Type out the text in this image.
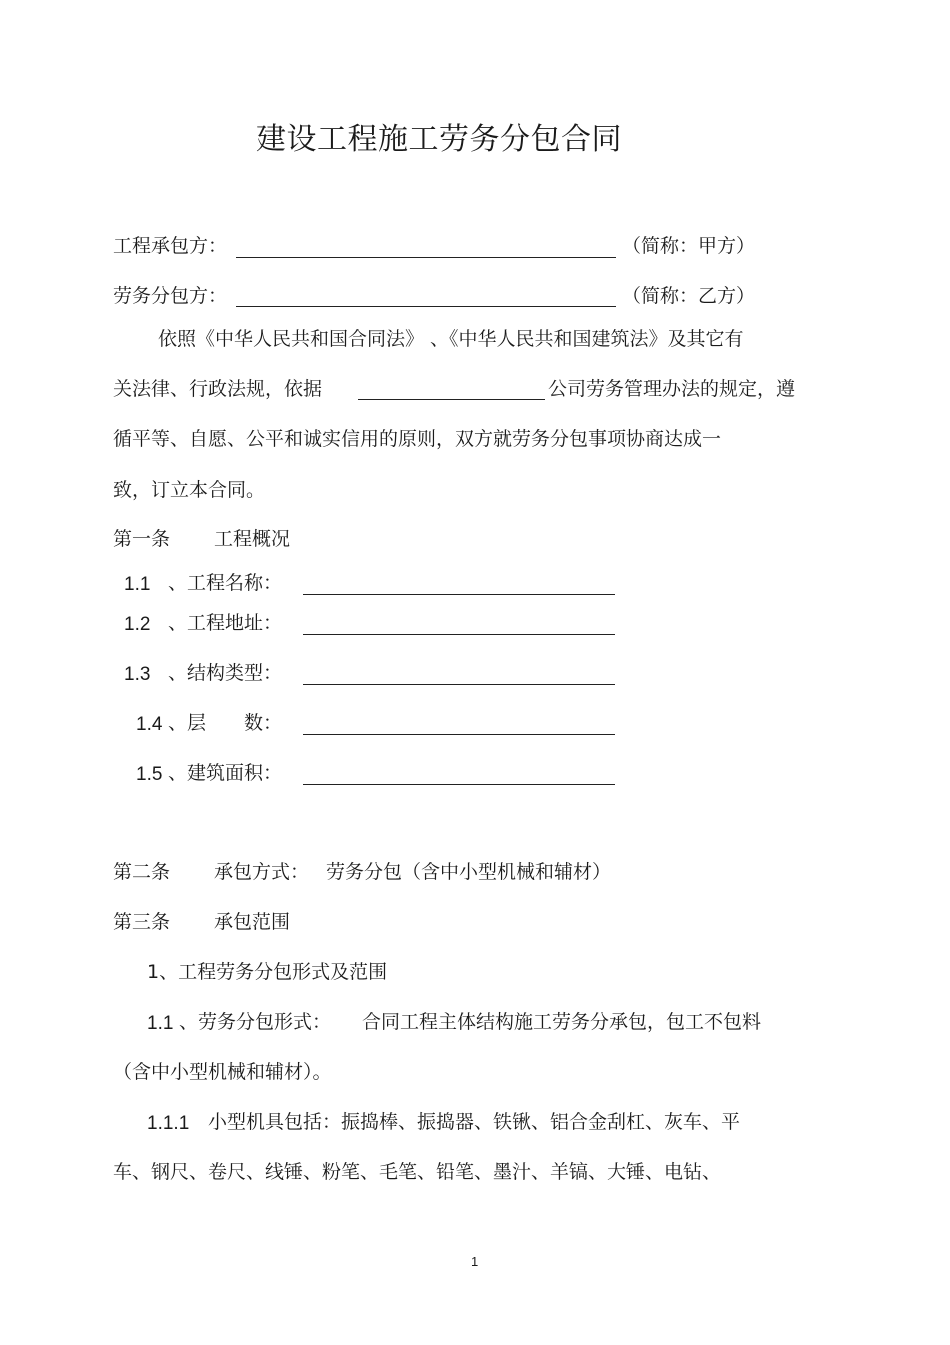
建设工程施工劳务分包合同
工程承包方：	（简称：甲方）
劳务分包方：	（简称：乙方）
依照《中华人民共和国合同法》 、《中华人民共和国建筑法》及其它有
关法律、行政法规，依据	公司劳务管理办法的规定，遵
循平等、自愿、公平和诚实信用的原则，双方就劳务分包事项协商达成一
致，订立本合同。
第一条 工程概况
1.1 、工程名称：
1.2 、工程地址：
1.3 、结构类型：
1.4 、层　　数：
1.5 、建筑面积：
第二条 承包方式： 劳务分包（含中小型机械和辅材）
第三条 承包范围
1、工程劳务分包形式及范围
1.1 、劳务分包形式： 合同工程主体结构施工劳务分承包，包工不包料
（含中小型机械和辅材）。
1.1.1 小型机具包括：振捣棒、振捣器、铁锹、铝合金刮杠、灰车、平
车、钢尺、卷尺、线锤、粉笔、毛笔、铅笔、墨汁、羊镐、大锤、电钻、
1
